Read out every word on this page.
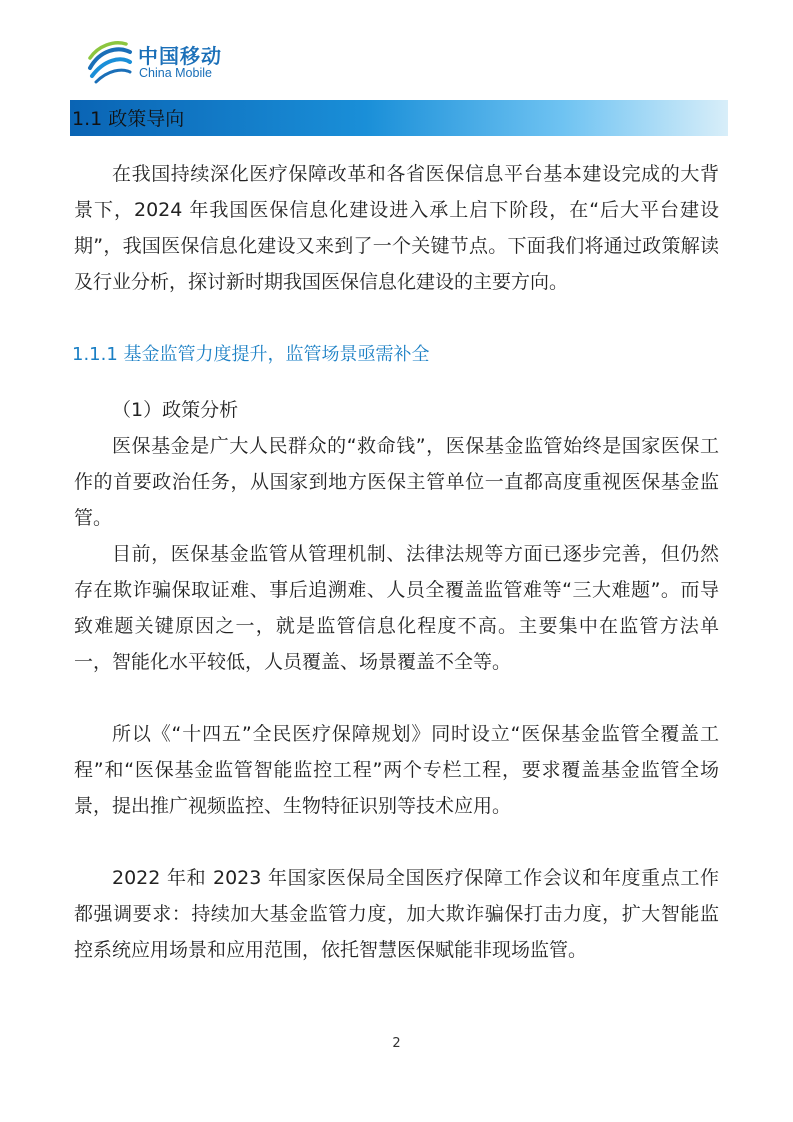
中国移动
China Mobile
1.1 政策导向

在我国持续深化医疗保障改革和各省医保信息平台基本建设完成的大背景下，2024 年我国医保信息化建设进入承上启下阶段，在“后大平台建设期”，我国医保信息化建设又来到了一个关键节点。下面我们将通过政策解读及行业分析，探讨新时期我国医保信息化建设的主要方向。

1.1.1 基金监管力度提升，监管场景亟需补全

（1）政策分析

医保基金是广大人民群众的“救命钱”，医保基金监管始终是国家医保工作的首要政治任务，从国家到地方医保主管单位一直都高度重视医保基金监管。

目前，医保基金监管从管理机制、法律法规等方面已逐步完善，但仍然存在欺诈骗保取证难、事后追溯难、人员全覆盖监管难等“三大难题”。而导致难题关键原因之一，就是监管信息化程度不高。主要集中在监管方法单一，智能化水平较低，人员覆盖、场景覆盖不全等。

所以《“十四五”全民医疗保障规划》同时设立“医保基金监管全覆盖工程”和“医保基金监管智能监控工程”两个专栏工程，要求覆盖基金监管全场景，提出推广视频监控、生物特征识别等技术应用。

2022 年和 2023 年国家医保局全国医疗保障工作会议和年度重点工作都强调要求：持续加大基金监管力度，加大欺诈骗保打击力度，扩大智能监控系统应用场景和应用范围，依托智慧医保赋能非现场监管。

2
